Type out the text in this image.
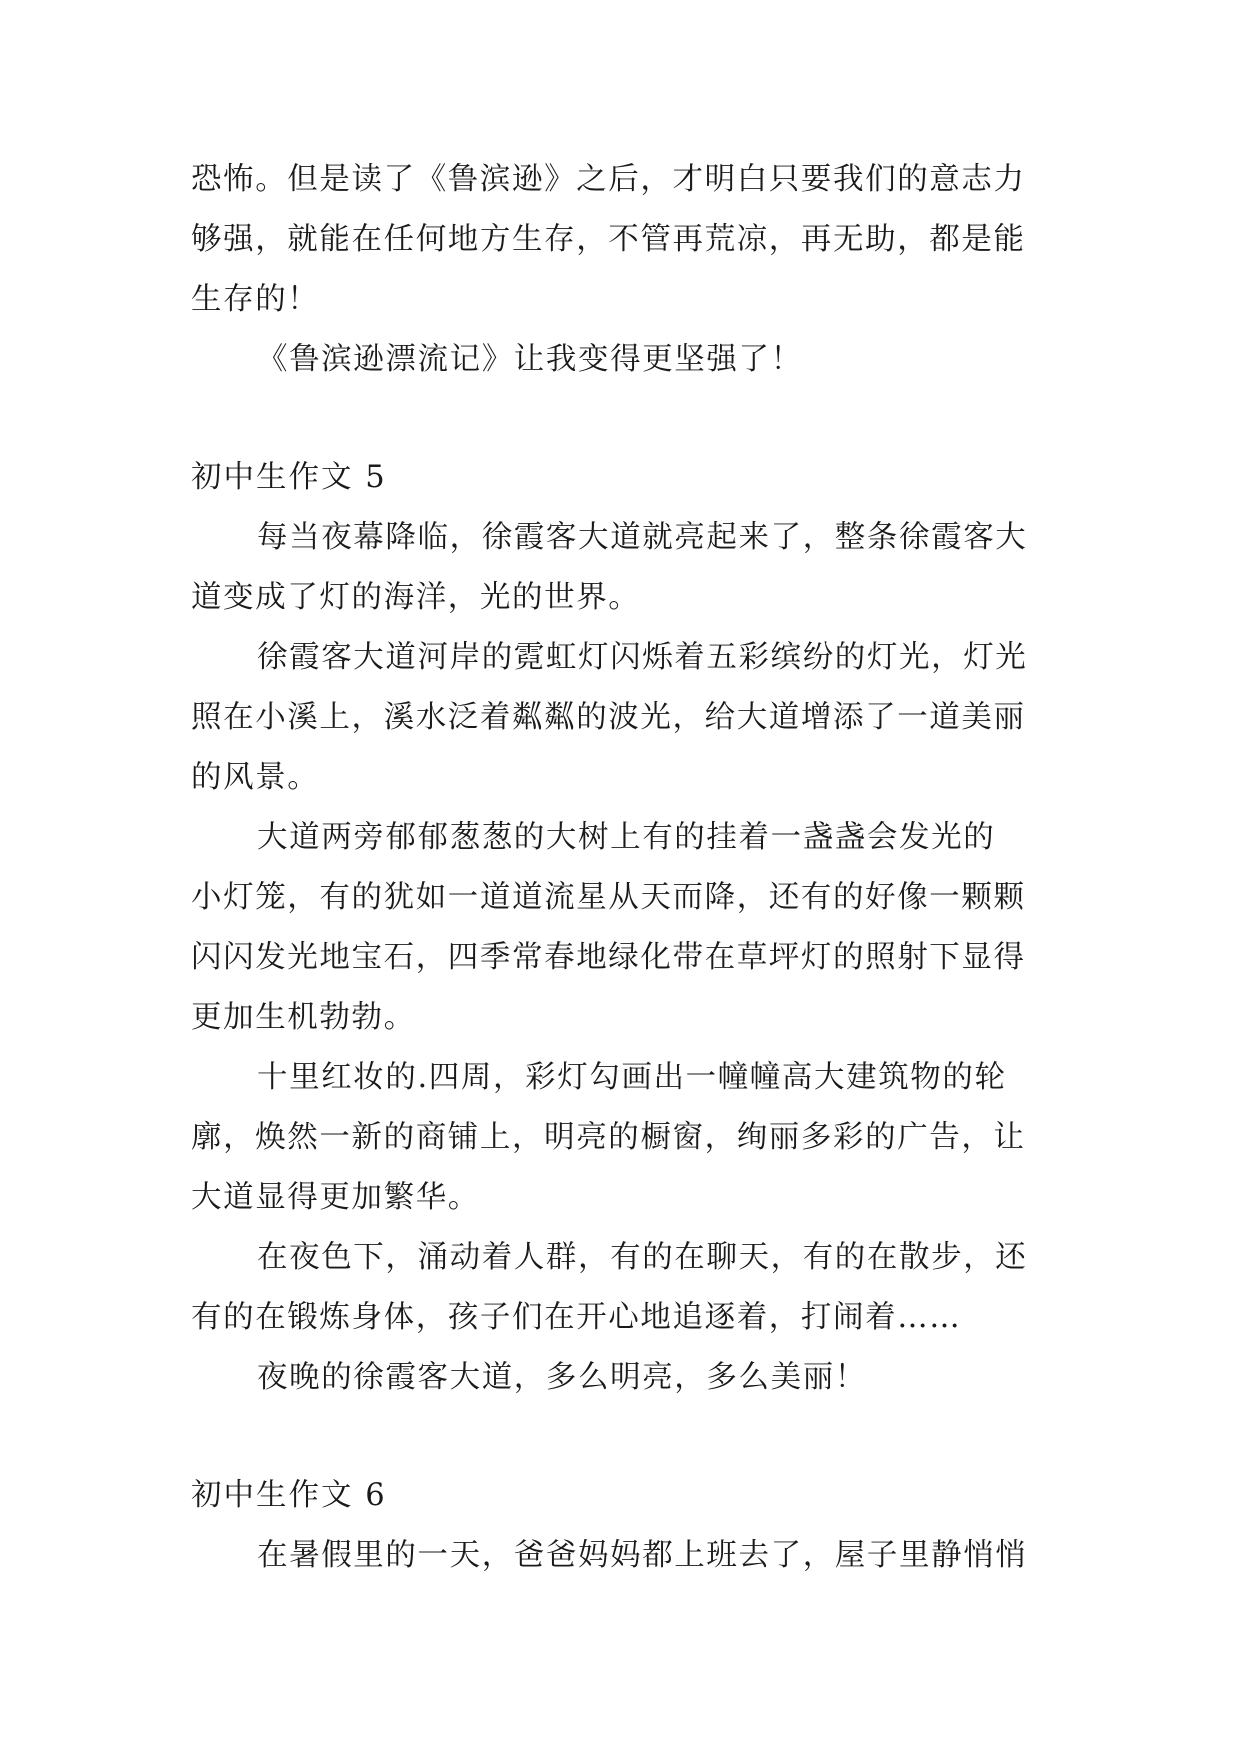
恐怖。但是读了《鲁滨逊》之后，才明白只要我们的意志力
够强，就能在任何地方生存，不管再荒凉，再无助，都是能
生存的！
《鲁滨逊漂流记》让我变得更坚强了！
初中生作文 5
每当夜幕降临，徐霞客大道就亮起来了，整条徐霞客大
道变成了灯的海洋，光的世界。
徐霞客大道河岸的霓虹灯闪烁着五彩缤纷的灯光，灯光
照在小溪上，溪水泛着粼粼的波光，给大道增添了一道美丽
的风景。
大道两旁郁郁葱葱的大树上有的挂着一盏盏会发光的
小灯笼，有的犹如一道道流星从天而降，还有的好像一颗颗
闪闪发光地宝石，四季常春地绿化带在草坪灯的照射下显得
更加生机勃勃。
十里红妆的.四周，彩灯勾画出一幢幢高大建筑物的轮
廓，焕然一新的商铺上，明亮的橱窗，绚丽多彩的广告，让
大道显得更加繁华。
在夜色下，涌动着人群，有的在聊天，有的在散步，还
有的在锻炼身体，孩子们在开心地追逐着，打闹着……
夜晚的徐霞客大道，多么明亮，多么美丽！
初中生作文 6
在暑假里的一天，爸爸妈妈都上班去了，屋子里静悄悄
